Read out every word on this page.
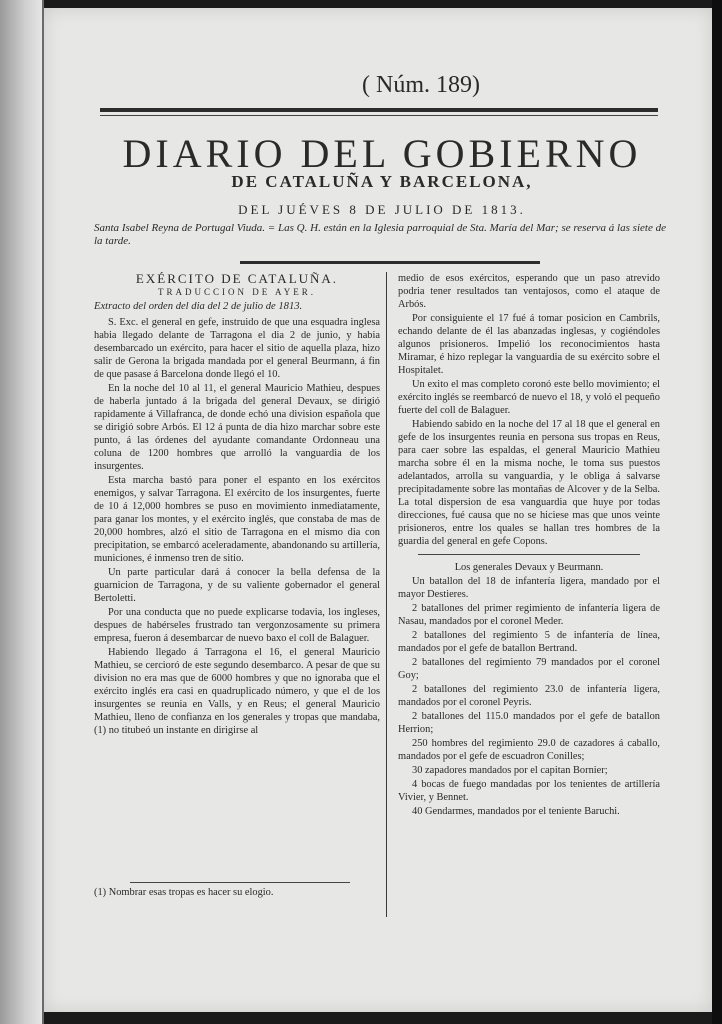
( Núm. 189)
DIARIO DEL GOBIERNO
DE CATALUÑA Y BARCELONA,
DEL JUÉVES 8 DE JULIO DE 1813.
Santa Isabel Reyna de Portugal Viuda. = Las Q. H. están en la Iglesia parroquial de Sta. María del Mar; se reserva á las siete de la tarde.

EXÉRCITO DE CATALUÑA.

TRADUCCION DE AYER.

Extracto del orden del dia del 2 de julio de 1813.

S. Exc. el general en gefe, instruido de que una esquadra inglesa habia llegado delante de Tarragona el dia 2 de junio, y habia desembarcado un exército, para hacer el sitio de aquella plaza, hizo salir de Gerona la brigada mandada por el general Beurmann, á fin de que pasase á Barcelona donde llegó el 10.

En la noche del 10 al 11, el general Mauricio Mathieu, despues de haberla juntado á la brigada del general Devaux, se dirigió rapidamente á Villafranca, de donde echó una division española que se dirigió sobre Arbós. El 12 á punta de dia hizo marchar sobre este punto, á las órdenes del ayudante comandante Ordonneau una coluna de 1200 hombres que arrolló la vanguardia de los insurgentes.

Esta marcha bastó para poner el espanto en los exércitos enemigos, y salvar Tarragona. El exército de los insurgentes, fuerte de 10 á 12,000 hombres se puso en movimiento inmediatamente, para ganar los montes, y el exército inglés, que constaba de mas de 20,000 hombres, alzó el sitio de Tarragona en el mismo dia con precipitation, se embarcó aceleradamente, abandonando su artillería, municiones, é inmenso tren de sitio.

Un parte particular dará á conocer la bella defensa de la guarnicion de Tarragona, y de su valiente gobernador el general Bertoletti.

Por una conducta que no puede explicarse todavia, los ingleses, despues de habérseles frustrado tan vergonzosamente su primera empresa, fueron á desembarcar de nuevo baxo el coll de Balaguer.

Habiendo llegado á Tarragona el 16, el general Mauricio Mathieu, se cercioró de este segundo desembarco. A pesar de que su division no era mas que de 6000 hombres y que no ignoraba que el exército inglés era casi en quadruplicado número, y que el de los insurgentes se reunia en Valls, y en Reus; el general Mauricio Mathieu, lleno de confianza en los generales y tropas que mandaba, (1) no titubeó un instante en dirigirse al

(1) Nombrar esas tropas es hacer su elogio.

medio de esos exércitos, esperando que un paso atrevido podria tener resultados tan ventajosos, como el ataque de Arbós.

Por consiguiente el 17 fué á tomar posicion en Cambrils, echando delante de él las abanzadas inglesas, y cogiéndoles algunos prisioneros. Impelió los reconocimientos hasta Miramar, é hizo replegar la vanguardia de su exército sobre el Hospitalet.

Un exito el mas completo coronó este bello movimiento; el exército inglés se reembarcó de nuevo el 18, y voló el pequeño fuerte del coll de Balaguer.

Habiendo sabido en la noche del 17 al 18 que el general en gefe de los insurgentes reunia en persona sus tropas en Reus, para caer sobre las espaldas, el general Mauricio Mathieu marcha sobre él en la misma noche, le toma sus puestos adelantados, arrolla su vanguardia, y le obliga á salvarse precipitadamente sobre las montañas de Alcover y de la Selba. La total dispersion de esa vanguardia que huye por todas direcciones, fué causa que no se hiciese mas que unos veinte prisioneros, entre los quales se hallan tres hombres de la guardia del general en gefe Copons.

Los generales Devaux y Beurmann.

Un batallon del 18 de infantería ligera, mandado por el mayor Destieres.

2 batallones del primer regimiento de infantería ligera de Nasau, mandados por el coronel Meder.

2 batallones del regimiento 5 de infantería de línea, mandados por el gefe de batallon Bertrand.

2 batallones del regimiento 79 mandados por el coronel Goy;

2 batallones del regimiento 23.0 de infantería ligera, mandados por el coronel Peyris.

2 batallones del 115.0 mandados por el gefe de batallon Herrion;

250 hombres del regimiento 29.0 de cazadores á caballo, mandados por el gefe de escuadron Conilles;

30 zapadores mandados por el capitan Bornier;

4 bocas de fuego mandadas por los tenientes de artillería Vivier, y Bennet.

40 Gendarmes, mandados por el teniente Baruchi.
